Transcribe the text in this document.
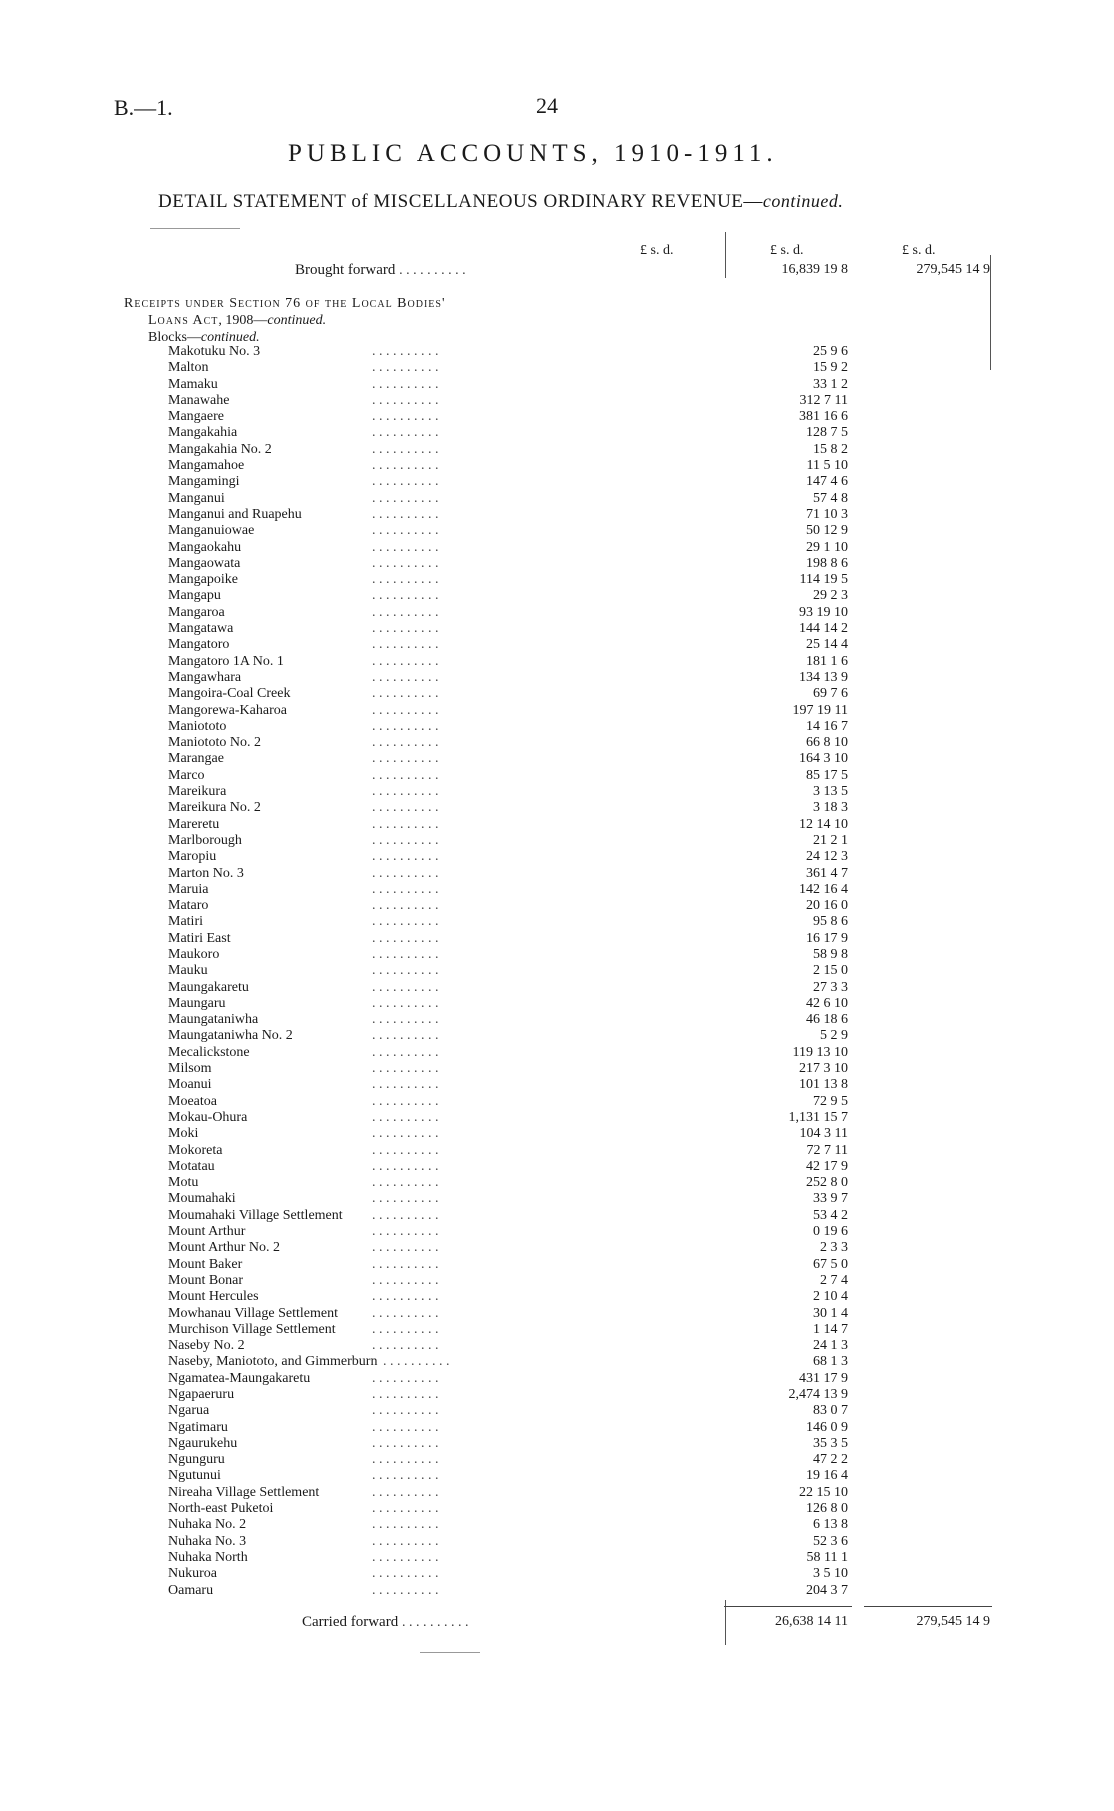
B.—1.	24
PUBLIC ACCOUNTS, 1910-1911.
DETAIL STATEMENT of MISCELLANEOUS ORDINARY REVENUE—continued.
£ s. d.	£ s. d.	£ s. d.
Brought forward . . . . . . . . . .	16,839 19 8	279,545 14 9
Receipts under Section 76 of the Local Bodies'
Loans Act, 1908—continued.
Blocks—continued.
Makotuku No. 3	. . . . . . . . . .	25 9 6
Malton	. . . . . . . . . .	15 9 2
Mamaku	. . . . . . . . . .	33 1 2
Manawahe	. . . . . . . . . .	312 7 11
Mangaere	. . . . . . . . . .	381 16 6
Mangakahia	. . . . . . . . . .	128 7 5
Mangakahia No. 2	. . . . . . . . . .	15 8 2
Mangamahoe	. . . . . . . . . .	11 5 10
Mangamingi	. . . . . . . . . .	147 4 6
Manganui	. . . . . . . . . .	57 4 8
Manganui and Ruapehu	. . . . . . . . . .	71 10 3
Manganuiowae	. . . . . . . . . .	50 12 9
Mangaokahu	. . . . . . . . . .	29 1 10
Mangaowata	. . . . . . . . . .	198 8 6
Mangapoike	. . . . . . . . . .	114 19 5
Mangapu	. . . . . . . . . .	29 2 3
Mangaroa	. . . . . . . . . .	93 19 10
Mangatawa	. . . . . . . . . .	144 14 2
Mangatoro	. . . . . . . . . .	25 14 4
Mangatoro 1A No. 1	. . . . . . . . . .	181 1 6
Mangawhara	. . . . . . . . . .	134 13 9
Mangoira-Coal Creek	. . . . . . . . . .	69 7 6
Mangorewa-Kaharoa	. . . . . . . . . .	197 19 11
Maniototo	. . . . . . . . . .	14 16 7
Maniototo No. 2	. . . . . . . . . .	66 8 10
Marangae	. . . . . . . . . .	164 3 10
Marco	. . . . . . . . . .	85 17 5
Mareikura	. . . . . . . . . .	3 13 5
Mareikura No. 2	. . . . . . . . . .	3 18 3
Mareretu	. . . . . . . . . .	12 14 10
Marlborough	. . . . . . . . . .	21 2 1
Maropiu	. . . . . . . . . .	24 12 3
Marton No. 3	. . . . . . . . . .	361 4 7
Maruia	. . . . . . . . . .	142 16 4
Mataro	. . . . . . . . . .	20 16 0
Matiri	. . . . . . . . . .	95 8 6
Matiri East	. . . . . . . . . .	16 17 9
Maukoro	. . . . . . . . . .	58 9 8
Mauku	. . . . . . . . . .	2 15 0
Maungakaretu	. . . . . . . . . .	27 3 3
Maungaru	. . . . . . . . . .	42 6 10
Maungataniwha	. . . . . . . . . .	46 18 6
Maungataniwha No. 2	. . . . . . . . . .	5 2 9
Mecalickstone	. . . . . . . . . .	119 13 10
Milsom	. . . . . . . . . .	217 3 10
Moanui	. . . . . . . . . .	101 13 8
Moeatoa	. . . . . . . . . .	72 9 5
Mokau-Ohura	. . . . . . . . . .	1,131 15 7
Moki	. . . . . . . . . .	104 3 11
Mokoreta	. . . . . . . . . .	72 7 11
Motatau	. . . . . . . . . .	42 17 9
Motu	. . . . . . . . . .	252 8 0
Moumahaki	. . . . . . . . . .	33 9 7
Moumahaki Village Settlement . . . . . . . . . .	53 4 2
Mount Arthur	. . . . . . . . . .	0 19 6
Mount Arthur No. 2	. . . . . . . . . .	2 3 3
Mount Baker	. . . . . . . . . .	67 5 0
Mount Bonar	. . . . . . . . . .	2 7 4
Mount Hercules	. . . . . . . . . .	2 10 4
Mowhanau Village Settlement . . . . . . . . . .	30 1 4
Murchison Village Settlement	. . . . . . . . . .	1 14 7
Naseby No. 2	. . . . . . . . . .	24 1 3
Naseby, Maniototo, and Gimmerburn . . . . . . . . . .	68 1 3
Ngamatea-Maungakaretu	. . . . . . . . . .	431 17 9
Ngapaeruru	. . . . . . . . . .	2,474 13 9
Ngarua	. . . . . . . . . .	83 0 7
Ngatimaru	. . . . . . . . . .	146 0 9
Ngaurukehu	. . . . . . . . . .	35 3 5
Ngunguru	. . . . . . . . . .	47 2 2
Ngutunui	. . . . . . . . . .	19 16 4
Nireaha Village Settlement	. . . . . . . . . .	22 15 10
North-east Puketoi	. . . . . . . . . .	126 8 0
Nuhaka No. 2	. . . . . . . . . .	6 13 8
Nuhaka No. 3	. . . . . . . . . .	52 3 6
Nuhaka North	. . . . . . . . . .	58 11 1
Nukuroa	. . . . . . . . . .	3 5 10
Oamaru	. . . . . . . . . .	204 3 7
Carried forward . . . . . . . . . .	26,638 14 11	279,545 14 9
